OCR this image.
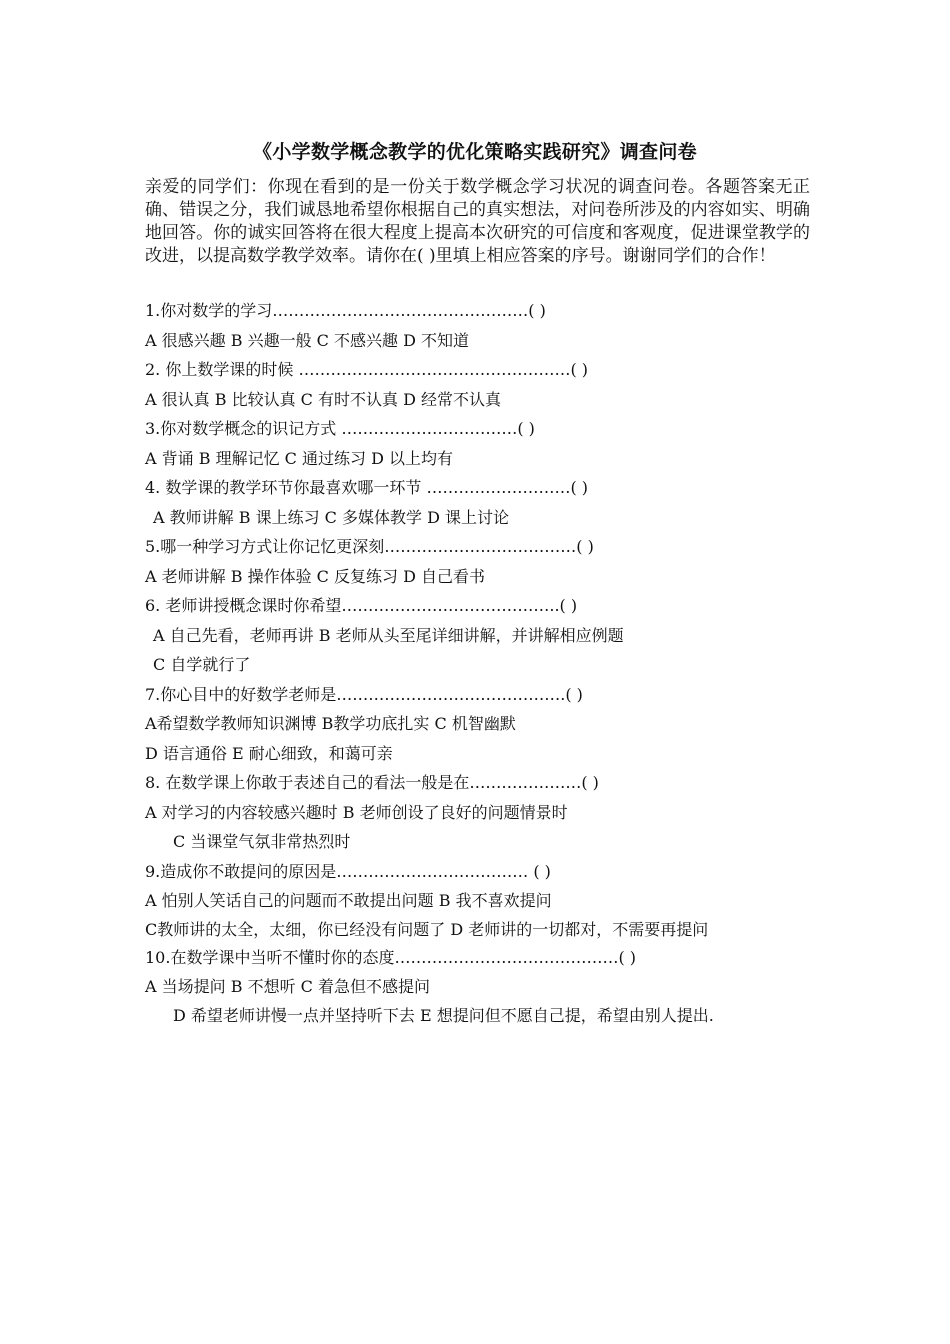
《小学数学概念教学的优化策略实践研究》调查问卷

亲爱的同学们：你现在看到的是一份关于数学概念学习状况的调查问卷。各题答案无正确、错误之分，我们诚恳地希望你根据自己的真实想法，对问卷所涉及的内容如实、明确地回答。你的诚实回答将在很大程度上提高本次研究的可信度和客观度，促进课堂教学的改进，以提高数学教学效率。请你在( )里填上相应答案的序号。谢谢同学们的合作！

1.你对数学的学习…………………………………………( )
A 很感兴趣 B 兴趣一般 C 不感兴趣 D 不知道
2. 你上数学课的时候 ……………………………………………( )
A 很认真 B 比较认真 C 有时不认真 D 经常不认真
3.你对数学概念的识记方式 ……………………………( )
A 背诵 B 理解记忆 C 通过练习 D 以上均有
4. 数学课的教学环节你最喜欢哪一环节 ………………………( )
A 教师讲解 B 课上练习 C 多媒体教学 D 课上讨论
5.哪一种学习方式让你记忆更深刻………………………………( )
A 老师讲解 B 操作体验 C 反复练习 D 自己看书
6. 老师讲授概念课时你希望…………………………………..( )
A 自己先看，老师再讲 B 老师从头至尾详细讲解，并讲解相应例题
C 自学就行了
7.你心目中的好数学老师是…………………………………….( )
A希望数学教师知识渊博 B教学功底扎实 C 机智幽默
D 语言通俗 E 耐心细致，和蔼可亲
8. 在数学课上你敢于表述自己的看法一般是在…………………( )
A 对学习的内容较感兴趣时 B 老师创设了良好的问题情景时
C 当课堂气氛非常热烈时
9.造成你不敢提问的原因是……………………………… ( )
A 怕别人笑话自己的问题而不敢提出问题 B 我不喜欢提问
C教师讲的太全，太细，你已经没有问题了 D 老师讲的一切都对，不需要再提问
10.在数学课中当听不懂时你的态度……………………………………( )
A 当场提问 B 不想听 C 着急但不感提问
D 希望老师讲慢一点并坚持听下去 E 想提问但不愿自己提，希望由别人提出.
